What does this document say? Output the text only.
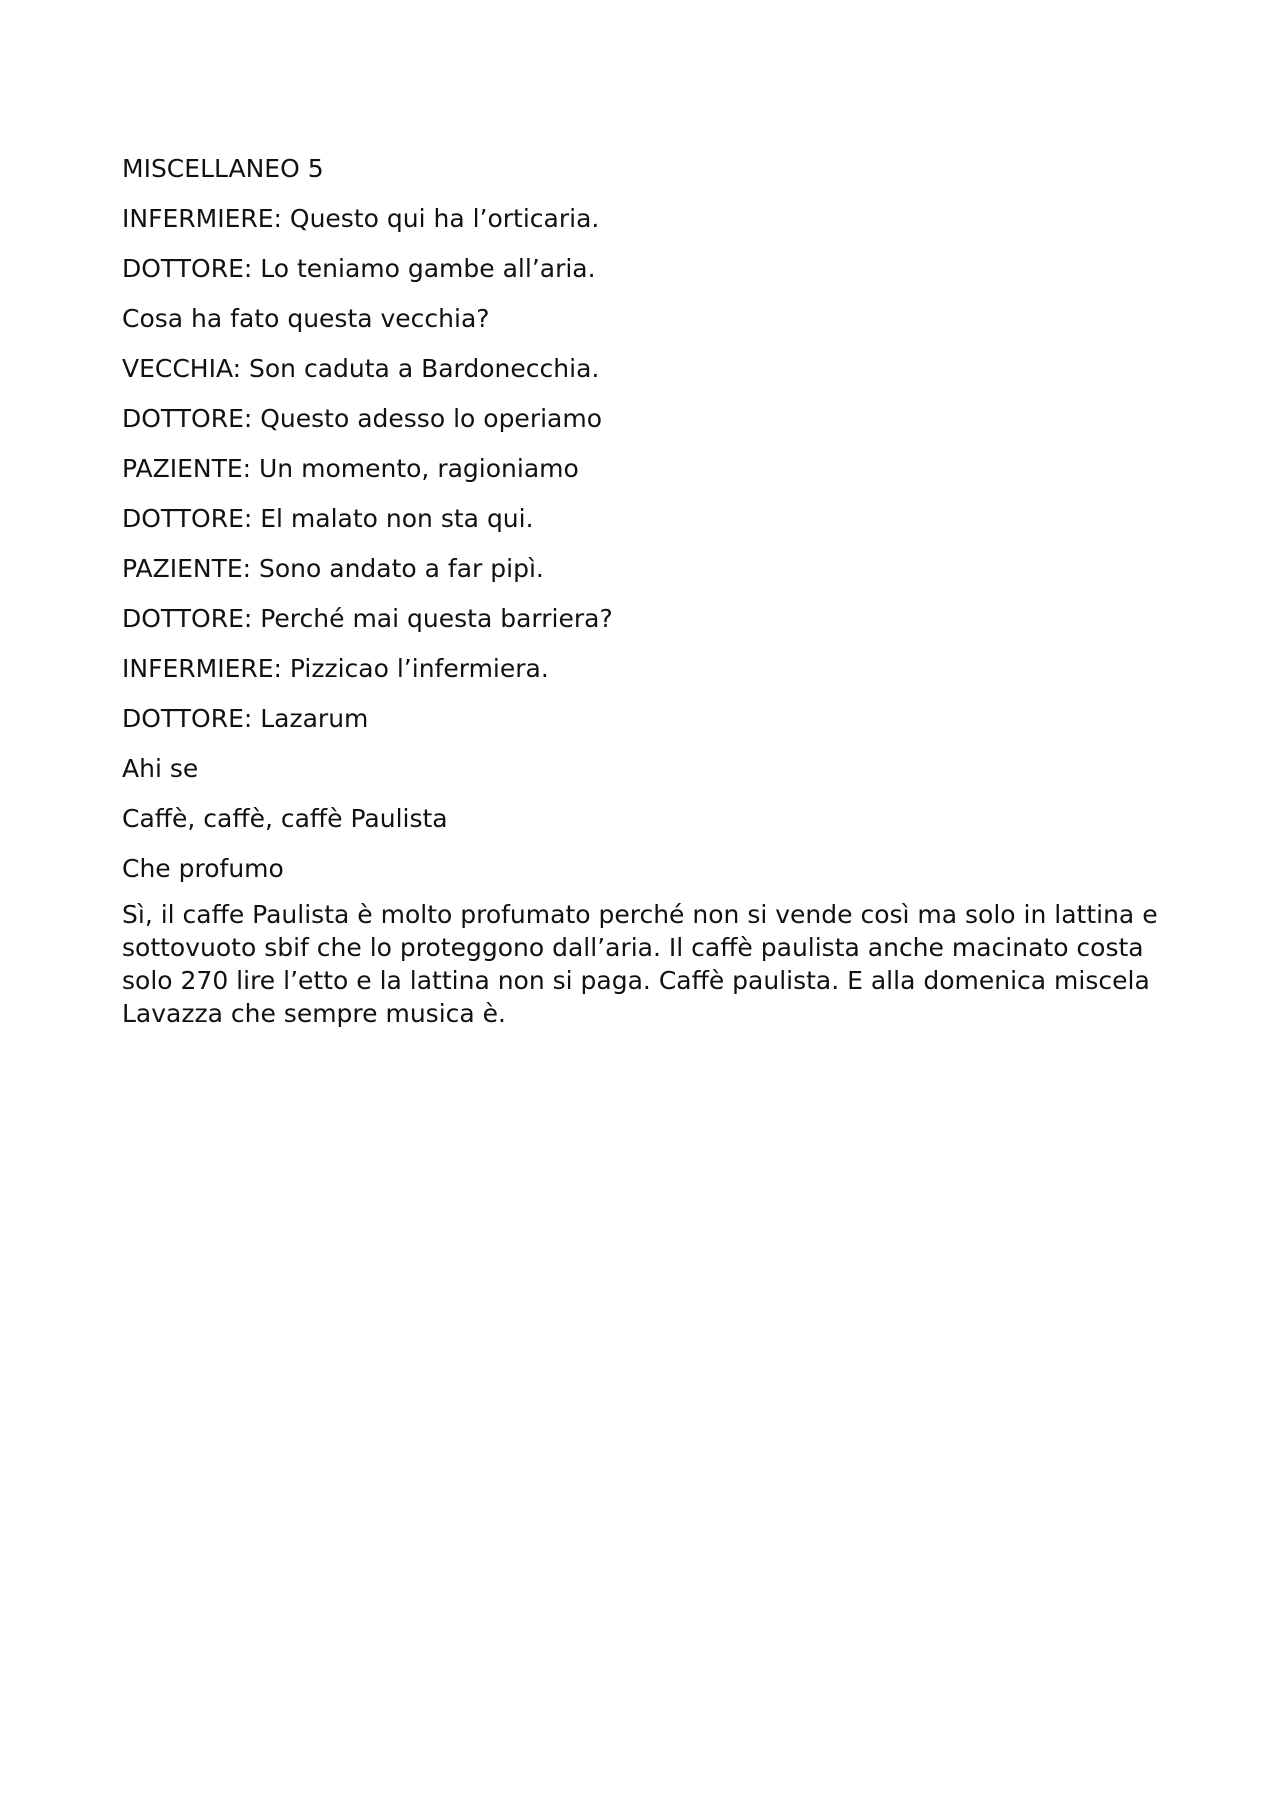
MISCELLANEO 5

INFERMIERE: Questo qui ha l’orticaria.

DOTTORE: Lo teniamo gambe all’aria.

Cosa ha fato questa vecchia?

VECCHIA: Son caduta a Bardonecchia.

DOTTORE: Questo adesso lo operiamo

PAZIENTE: Un momento, ragioniamo

DOTTORE: El malato non sta qui.

PAZIENTE: Sono andato a far pipì.

DOTTORE: Perché mai questa barriera?

INFERMIERE: Pizzicao l’infermiera.

DOTTORE: Lazarum

Ahi se

Caffè, caffè, caffè Paulista

Che profumo

Sì, il caffe Paulista è molto profumato perché non si vende così ma solo in lattina e sottovuoto sbif che lo proteggono dall’aria. Il caffè paulista anche macinato costa solo 270 lire l’etto e la lattina non si paga. Caffè paulista. E alla domenica miscela Lavazza che sempre musica è.
